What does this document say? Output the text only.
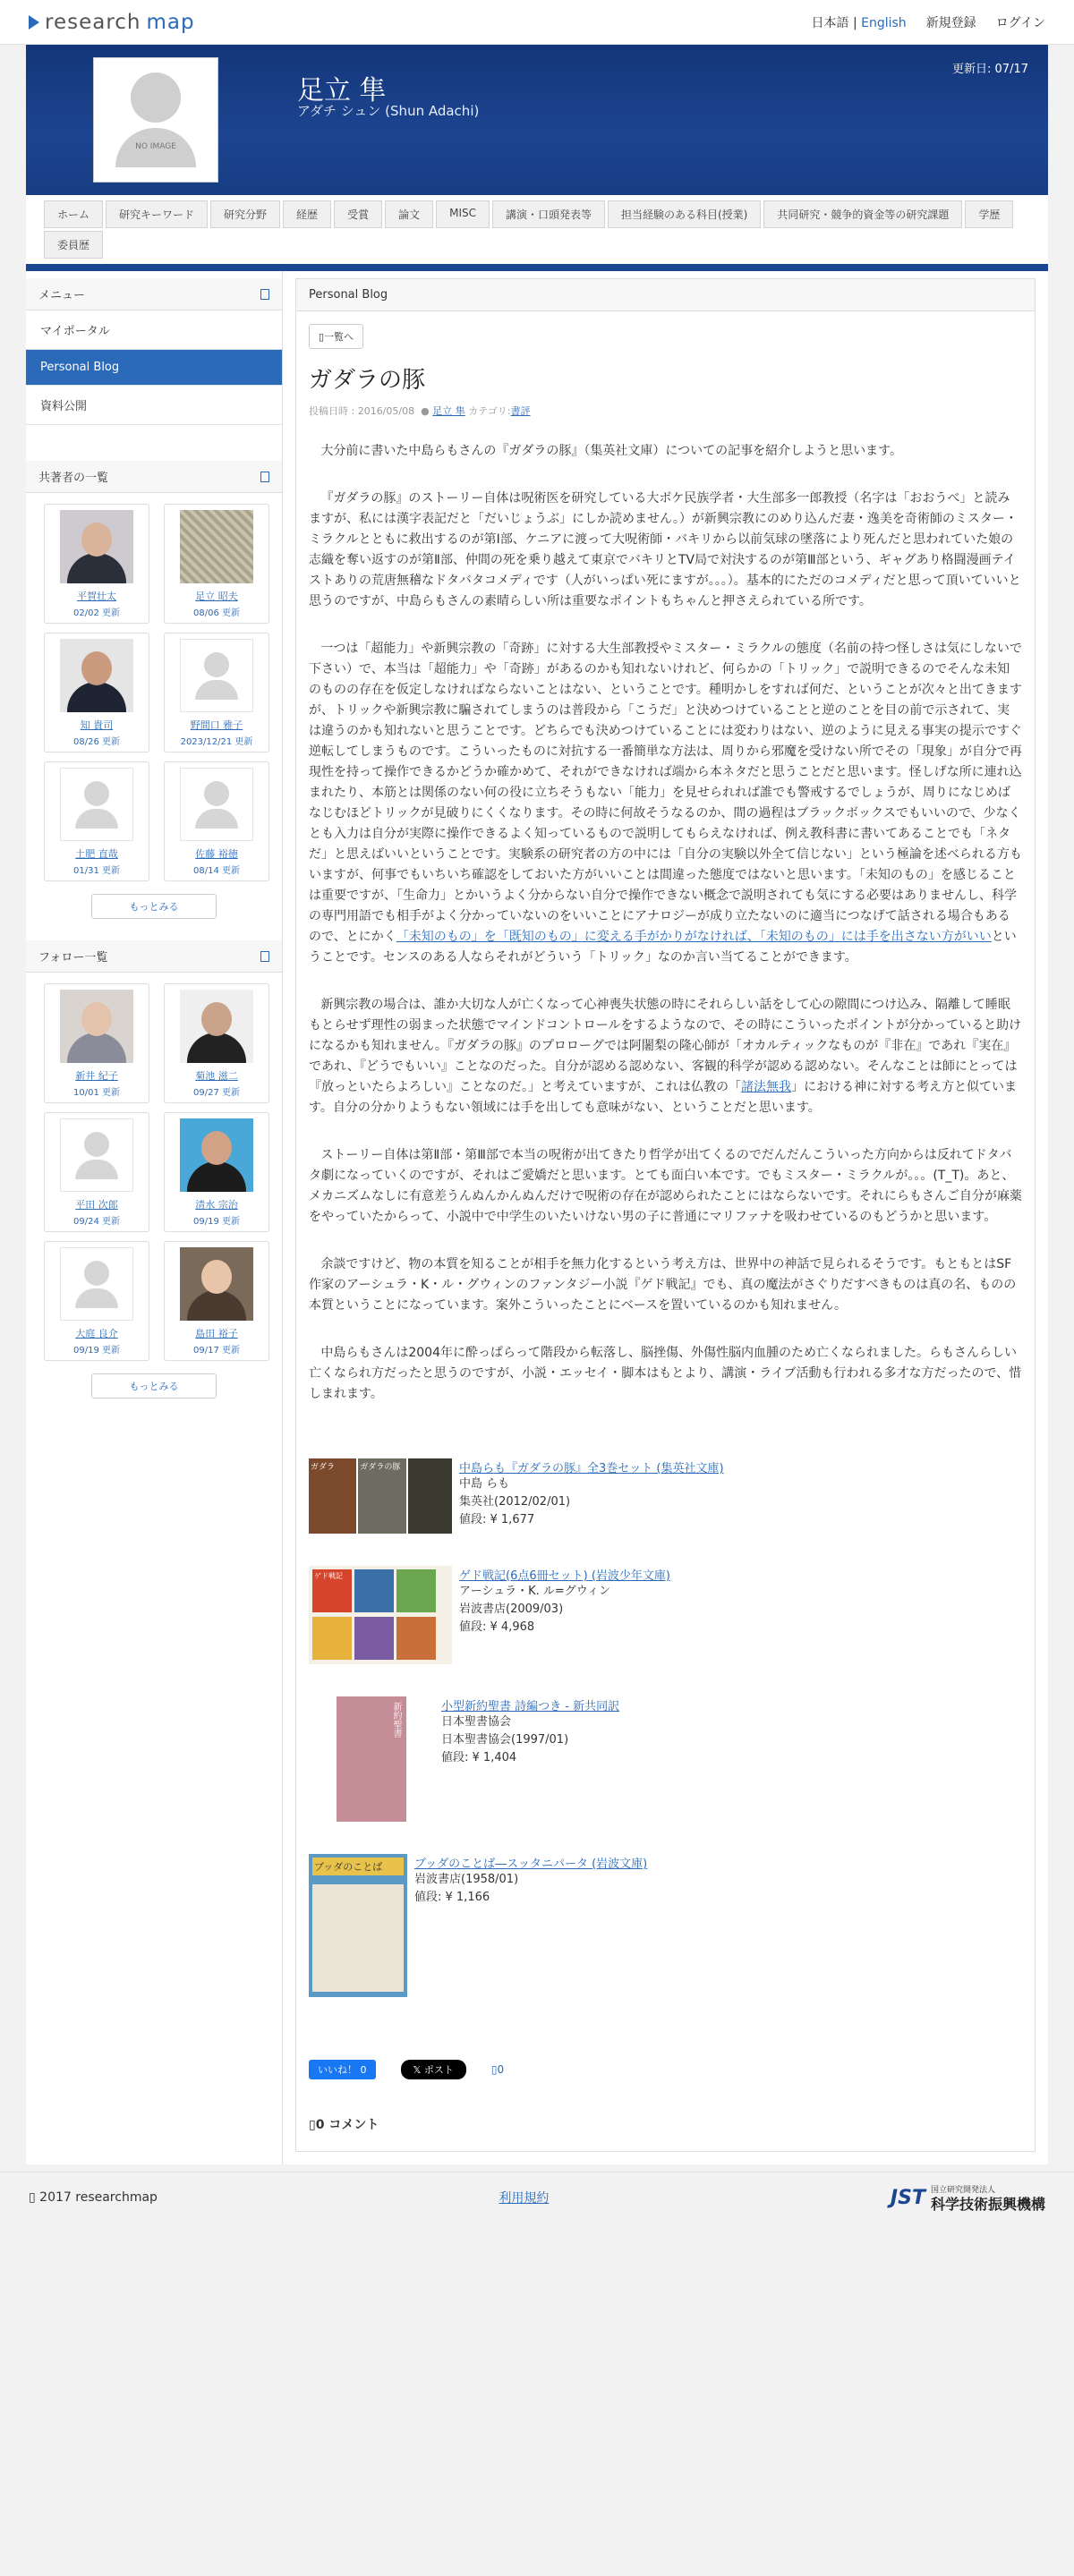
research map	日本語 | English 新規登録 ログイン
NO IMAGE
足立 隼
アダチ シュン (Shun Adachi)
更新日: 07/17
ホーム	研究キーワード	研究分野	経歴	受賞	論文	MISC	講演・口頭発表等	担当経験のある科目(授業)	共同研究・競争的資金等の研究課題	学歴
委員歴
メニュー
マイポータル
Personal Blog
資料公開
共著者の一覧
平賀壮太
02/02 更新
足立 昭夫
08/06 更新
知 貴司
08/26 更新
野間口 雅子
2023/12/21 更新
土肥 直哉
01/31 更新
佐藤 裕徳
08/14 更新
もっとみる
フォロー一覧
新井 紀子
10/01 更新
菊池 滋二
09/27 更新
平田 次郎
09/24 更新
清水 宗治
09/19 更新
大庭 良介
09/19 更新
島田 裕子
09/17 更新
もっとみる
Personal Blog
▯一覧へ
ガダラの豚
投稿日時 : 2016/05/08 ● 足立 隼 カテゴリ:書評

大分前に書いた中島らもさんの『ガダラの豚』（集英社文庫）についての記事を紹介しようと思います。

『ガダラの豚』のストーリー自体は呪術医を研究している大ボケ民族学者・大生部多一郎教授（名字は「おおうべ」と読みますが、私には漢字表記だと「だいじょうぶ」にしか読めません。）が新興宗教にのめり込んだ妻・逸美を奇術師のミスター・ミラクルとともに救出するのが第Ⅰ部、ケニアに渡って大呪術師・バキリから以前気球の墜落により死んだと思われていた娘の志織を奪い返すのが第Ⅱ部、仲間の死を乗り越えて東京でバキリとTV局で対決するのが第Ⅲ部という、ギャグあり格闘漫画テイストありの荒唐無稽なドタバタコメディです（人がいっぱい死にますが。。。）。基本的にただのコメディだと思って頂いていいと思うのですが、中島らもさんの素晴らしい所は重要なポイントもちゃんと押さえられている所です。

一つは「超能力」や新興宗教の「奇跡」に対する大生部教授やミスター・ミラクルの態度（名前の持つ怪しさは気にしないで下さい）で、本当は「超能力」や「奇跡」があるのかも知れないけれど、何らかの「トリック」で説明できるのでそんな未知のものの存在を仮定しなければならないことはない、ということです。種明かしをすれば何だ、ということが次々と出てきますが、トリックや新興宗教に騙されてしまうのは普段から「こうだ」と決めつけていることと逆のことを目の前で示されて、実は違うのかも知れないと思うことです。どちらでも決めつけていることには変わりはない、逆のように見える事実の提示ですぐ逆転してしまうものです。こういったものに対抗する一番簡単な方法は、周りから邪魔を受けない所でその「現象」が自分で再現性を持って操作できるかどうか確かめて、それができなければ端から本ネタだと思うことだと思います。怪しげな所に連れ込まれたり、本筋とは関係のない何の役に立ちそうもない「能力」を見せられれば誰でも警戒するでしょうが、周りになじめばなじむほどトリックが見破りにくくなります。その時に何故そうなるのか、間の過程はブラックボックスでもいいので、少なくとも入力は自分が実際に操作できるよく知っているもので説明してもらえなければ、例え教科書に書いてあることでも「ネタだ」と思えばいいということです。実験系の研究者の方の中には「自分の実験以外全て信じない」という極論を述べられる方もいますが、何事でもいちいち確認をしておいた方がいいことは間違った態度ではないと思います。「未知のもの」を感じることは重要ですが、「生命力」とかいうよく分からない自分で操作できない概念で説明されても気にする必要はありませんし、科学の専門用語でも相手がよく分かっていないのをいいことにアナロジーが成り立たないのに適当につなげて話される場合もあるので、とにかく「未知のもの」を「既知のもの」に変える手がかりがなければ、「未知のもの」には手を出さない方がいいということです。センスのある人ならそれがどういう「トリック」なのか言い当てることができます。

新興宗教の場合は、誰か大切な人が亡くなって心神喪失状態の時にそれらしい話をして心の隙間につけ込み、隔離して睡眠もとらせず理性の弱まった状態でマインドコントロールをするようなので、その時にこういったポイントが分かっていると助けになるかも知れません。『ガダラの豚』のプロローグでは阿闍梨の隆心師が「オカルティックなものが『非在』であれ『実在』であれ、『どうでもいい』ことなのだった。自分が認める認めない、客観的科学が認める認めない。そんなことは師にとっては『放っといたらよろしい』ことなのだ。」と考えていますが、これは仏教の「諸法無我」における神に対する考え方と似ています。自分の分かりようもない領域には手を出しても意味がない、ということだと思います。

ストーリー自体は第Ⅱ部・第Ⅲ部で本当の呪術が出てきたり哲学が出てくるのでだんだんこういった方向からは反れてドタバタ劇になっていくのですが、それはご愛嬌だと思います。とても面白い本です。でもミスター・ミラクルが。。。(T_T)。あと、メカニズムなしに有意差うんぬんかんぬんだけで呪術の存在が認められたことにはならないです。それにらもさんご自分が麻薬をやっていたからって、小説中で中学生のいたいけない男の子に普通にマリファナを吸わせているのもどうかと思います。

余談ですけど、物の本質を知ることが相手を無力化するという考え方は、世界中の神話で見られるそうです。もともとはSF作家のアーシュラ・K・ル・グウィンのファンタジー小説『ゲド戦記』でも、真の魔法がさぐりだすべきものは真の名、ものの本質ということになっています。案外こういったことにベースを置いているのかも知れません。

中島らもさんは2004年に酔っぱらって階段から転落し、脳挫傷、外傷性脳内血腫のため亡くなられました。らもさんらしい亡くなられ方だったと思うのですが、小説・エッセイ・脚本はもとより、講演・ライブ活動も行われる多才な方だったので、惜しまれます。

ガダラ	ガダラの豚	中島らも『ガダラの豚』全3巻セット (集英社文庫)
中島 らも
集英社(2012/02/01)
値段: ¥ 1,677
ゲド戦記	ゲド戦記(6点6冊セット) (岩波少年文庫)
アーシュラ・K. ル=グウィン
岩波書店(2009/03)
値段: ¥ 4,968
新約聖書	小型新約聖書 詩編つき - 新共同訳
日本聖書協会
日本聖書協会(1997/01)
値段: ¥ 1,404
ブッダのことば	ブッダのことば―スッタニパータ (岩波文庫)
岩波書店(1958/01)
値段: ¥ 1,166
いいね！ 0	𝕏 ポスト	▯0
▯0 コメント
▯ 2017 researchmap	利用規約	JST 国立研究開発法人
科学技術振興機構
